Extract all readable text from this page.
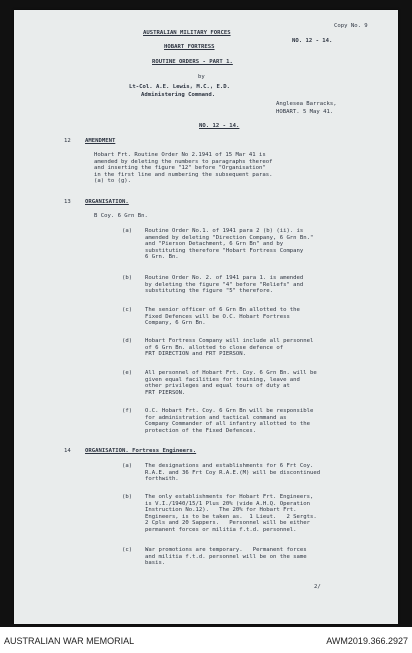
Copy No. 9
AUSTRALIAN MILITARY FORCES
HOBART FORTRESS
NO. 12 - 14.
ROUTINE ORDERS - PART 1.
by
Lt-Col. A.E. Lewis, M.C., E.D.
Administering Command.
Anglesea Barracks,
HOBART. 5 May 41.
NO. 12 - 14.
12	AMENDMENT
Hobart Frt. Routine Order No 2.1941 of 15 Mar 41 is
amended by deleting the numbers to paragraphs thereof
and inserting the figure "12" before "Organisation"
in the first line and numbering the subsequent paras.
(a) to (g).
13	ORGANISATION.
B Coy. 6 Grn Bn.
(a) Routine Order No.1. of 1941 para 2 (b) (ii). is
amended by deleting "Direction Company, 6 Grn Bn."
and "Pierson Detachment, 6 Grn Bn" and by
substituting therefore "Hobart Fortress Company
6 Grn. Bn.
(b) Routine Order No. 2. of 1941 para 1. is amended
by deleting the figure "4" before "Reliefs" and
substituting the figure "5" therefore.
(c) The senior officer of 6 Grn Bn allotted to the
Fixed Defences will be O.C. Hobart Fortress
Company, 6 Grn Bn.
(d) Hobart Fortress Company will include all personnel
of 6 Grn Bn. allotted to close defence of
FRT DIRECTION and FRT PIERSON.
(e) All personnel of Hobart Frt. Coy. 6 Grn Bn. will be
given equal facilities for training, leave and
other privileges and equal tours of duty at
FRT PIERSON.
(f) O.C. Hobart Frt. Coy. 6 Grn Bn will be responsible
for administration and tactical command as
Company Commander of all infantry allotted to the
protection of the Fixed Defences.
14	ORGANISATION. Fortress Engineers.
(a) The designations and establishments for 6 Frt Coy.
R.A.E. and 36 Frt Coy R.A.E.(M) will be discontinued
forthwith.
(b) The only establishments for Hobart Frt. Engineers,
is V.I./1940/15/1 Plus 20% (vide A.H.Q. Operation
Instruction No.12).   The 20% for Hobart Frt.
Engineers, is to be taken as.  1 Lieut.   2 Sergts.
2 Cpls and 20 Sappers.   Personnel will be either
permanent forces or militia f.t.d. personnel.
(c) War promotions are temporary.   Permanent forces
and militia f.t.d. personnel will be on the same
basis.
2/
AUSTRALIAN WAR MEMORIAL	AWM2019.366.2927
